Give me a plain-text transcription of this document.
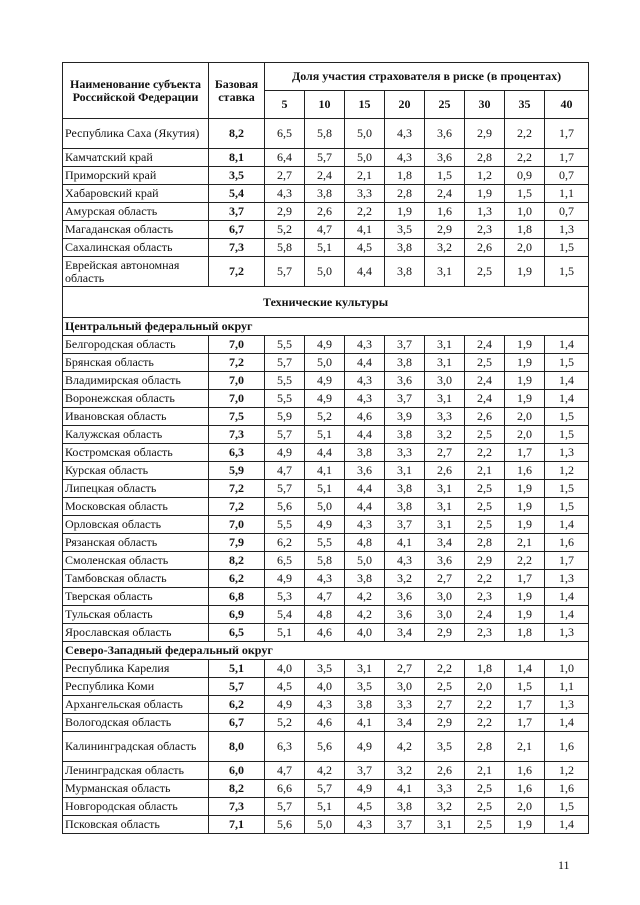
Наименование субъекта Российской Федерации	Базовая ставка	Доля участия страхователя в риске (в процентах)							
		5	10	15	20	25	30	35	40
Республика Саха (Якутия)	8,2	6,5	5,8	5,0	4,3	3,6	2,9	2,2	1,7
Камчатский край	8,1	6,4	5,7	5,0	4,3	3,6	2,8	2,2	1,7
Приморский край	3,5	2,7	2,4	2,1	1,8	1,5	1,2	0,9	0,7
Хабаровский край	5,4	4,3	3,8	3,3	2,8	2,4	1,9	1,5	1,1
Амурская область	3,7	2,9	2,6	2,2	1,9	1,6	1,3	1,0	0,7
Магаданская область	6,7	5,2	4,7	4,1	3,5	2,9	2,3	1,8	1,3
Сахалинская область	7,3	5,8	5,1	4,5	3,8	3,2	2,6	2,0	1,5
Еврейская автономная область	7,2	5,7	5,0	4,4	3,8	3,1	2,5	1,9	1,5
Технические культуры									
Центральный федеральный округ									
Белгородская область	7,0	5,5	4,9	4,3	3,7	3,1	2,4	1,9	1,4
Брянская область	7,2	5,7	5,0	4,4	3,8	3,1	2,5	1,9	1,5
Владимирская область	7,0	5,5	4,9	4,3	3,6	3,0	2,4	1,9	1,4
Воронежская область	7,0	5,5	4,9	4,3	3,7	3,1	2,4	1,9	1,4
Ивановская область	7,5	5,9	5,2	4,6	3,9	3,3	2,6	2,0	1,5
Калужская область	7,3	5,7	5,1	4,4	3,8	3,2	2,5	2,0	1,5
Костромская область	6,3	4,9	4,4	3,8	3,3	2,7	2,2	1,7	1,3
Курская область	5,9	4,7	4,1	3,6	3,1	2,6	2,1	1,6	1,2
Липецкая область	7,2	5,7	5,1	4,4	3,8	3,1	2,5	1,9	1,5
Московская область	7,2	5,6	5,0	4,4	3,8	3,1	2,5	1,9	1,5
Орловская область	7,0	5,5	4,9	4,3	3,7	3,1	2,5	1,9	1,4
Рязанская область	7,9	6,2	5,5	4,8	4,1	3,4	2,8	2,1	1,6
Смоленская область	8,2	6,5	5,8	5,0	4,3	3,6	2,9	2,2	1,7
Тамбовская область	6,2	4,9	4,3	3,8	3,2	2,7	2,2	1,7	1,3
Тверская область	6,8	5,3	4,7	4,2	3,6	3,0	2,3	1,9	1,4
Тульская область	6,9	5,4	4,8	4,2	3,6	3,0	2,4	1,9	1,4
Ярославская область	6,5	5,1	4,6	4,0	3,4	2,9	2,3	1,8	1,3
Северо-Западный федеральный округ									
Республика Карелия	5,1	4,0	3,5	3,1	2,7	2,2	1,8	1,4	1,0
Республика Коми	5,7	4,5	4,0	3,5	3,0	2,5	2,0	1,5	1,1
Архангельская область	6,2	4,9	4,3	3,8	3,3	2,7	2,2	1,7	1,3
Вологодская область	6,7	5,2	4,6	4,1	3,4	2,9	2,2	1,7	1,4
Калининградская область	8,0	6,3	5,6	4,9	4,2	3,5	2,8	2,1	1,6
Ленинградская область	6,0	4,7	4,2	3,7	3,2	2,6	2,1	1,6	1,2
Мурманская область	8,2	6,6	5,7	4,9	4,1	3,3	2,5	1,6	1,6
Новгородская область	7,3	5,7	5,1	4,5	3,8	3,2	2,5	2,0	1,5
Псковская область	7,1	5,6	5,0	4,3	3,7	3,1	2,5	1,9	1,4
11
